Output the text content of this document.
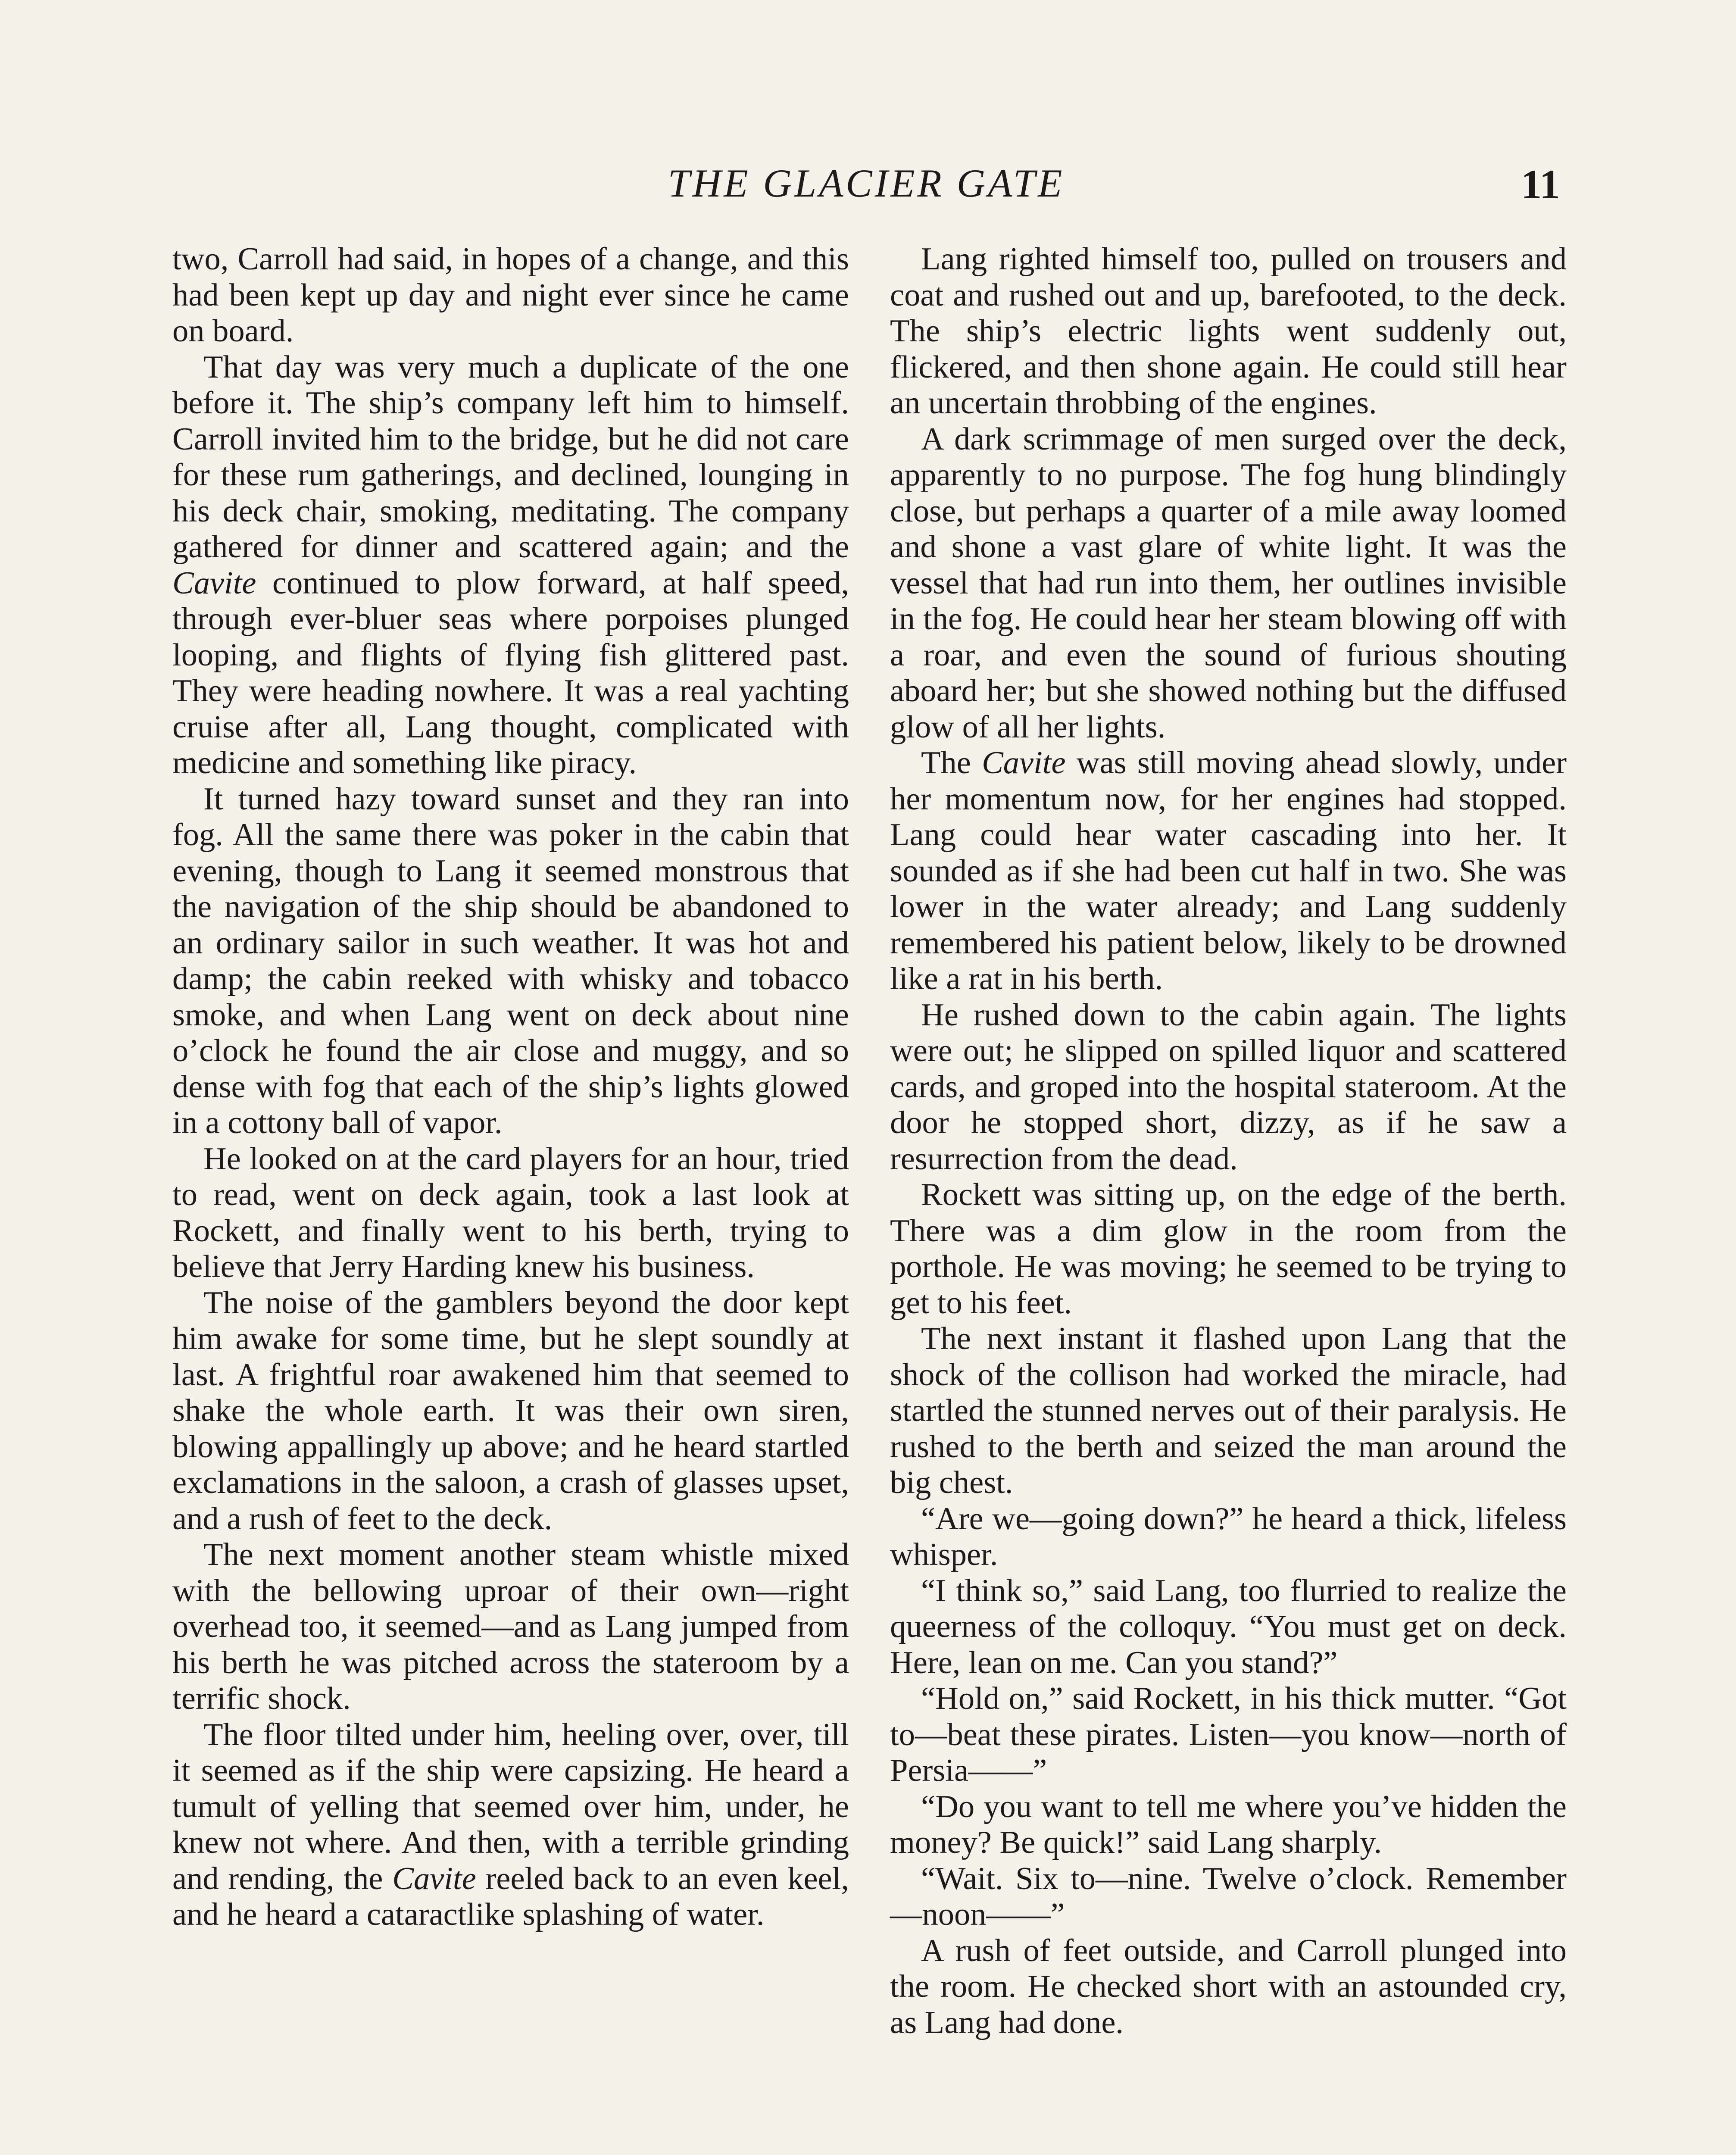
THE GLACIER GATE	11

two, Carroll had said, in hopes of a change, and this had been kept up day and night ever since he came on board.

That day was very much a duplicate of the one before it. The ship’s company left him to himself. Carroll invited him to the bridge, but he did not care for these rum gatherings, and declined, lounging in his deck chair, smoking, meditating. The company gathered for dinner and scattered again; and the Cavite continued to plow forward, at half speed, through ever-bluer seas where porpoises plunged looping, and flights of flying fish glittered past. They were heading nowhere. It was a real yachting cruise after all, Lang thought, complicated with medicine and something like piracy.

It turned hazy toward sunset and they ran into fog. All the same there was poker in the cabin that evening, though to Lang it seemed monstrous that the navigation of the ship should be abandoned to an ordinary sailor in such weather. It was hot and damp; the cabin reeked with whisky and tobacco smoke, and when Lang went on deck about nine o’clock he found the air close and muggy, and so dense with fog that each of the ship’s lights glowed in a cottony ball of vapor.

He looked on at the card players for an hour, tried to read, went on deck again, took a last look at Rockett, and finally went to his berth, trying to believe that Jerry Harding knew his business.

The noise of the gamblers beyond the door kept him awake for some time, but he slept soundly at last. A frightful roar awakened him that seemed to shake the whole earth. It was their own siren, blowing appallingly up above; and he heard startled exclamations in the saloon, a crash of glasses upset, and a rush of feet to the deck.

The next moment another steam whistle mixed with the bellowing uproar of their own—right overhead too, it seemed—and as Lang jumped from his berth he was pitched across the stateroom by a terrific shock.

The floor tilted under him, heeling over, over, till it seemed as if the ship were capsizing. He heard a tumult of yelling that seemed over him, under, he knew not where. And then, with a terrible grinding and rending, the Cavite reeled back to an even keel, and he heard a cataractlike splashing of water.

Lang righted himself too, pulled on trousers and coat and rushed out and up, barefooted, to the deck. The ship’s electric lights went suddenly out, flickered, and then shone again. He could still hear an uncertain throbbing of the engines.

A dark scrimmage of men surged over the deck, apparently to no purpose. The fog hung blindingly close, but perhaps a quarter of a mile away loomed and shone a vast glare of white light. It was the vessel that had run into them, her outlines invisible in the fog. He could hear her steam blowing off with a roar, and even the sound of furious shouting aboard her; but she showed nothing but the diffused glow of all her lights.

The Cavite was still moving ahead slowly, under her momentum now, for her engines had stopped. Lang could hear water cascading into her. It sounded as if she had been cut half in two. She was lower in the water already; and Lang suddenly remembered his patient below, likely to be drowned like a rat in his berth.

He rushed down to the cabin again. The lights were out; he slipped on spilled liquor and scattered cards, and groped into the hospital stateroom. At the door he stopped short, dizzy, as if he saw a resurrection from the dead.

Rockett was sitting up, on the edge of the berth. There was a dim glow in the room from the porthole. He was moving; he seemed to be trying to get to his feet.

The next instant it flashed upon Lang that the shock of the collison had worked the miracle, had startled the stunned nerves out of their paralysis. He rushed to the berth and seized the man around the big chest.

“Are we—going down?” he heard a thick, lifeless whisper.

“I think so,” said Lang, too flurried to realize the queerness of the colloquy. “You must get on deck. Here, lean on me. Can you stand?”

“Hold on,” said Rockett, in his thick mutter. “Got to—beat these pirates. Listen—you know—north of Persia——”

“Do you want to tell me where you’ve hidden the money? Be quick!” said Lang sharply.

“Wait. Six to—nine. Twelve o’clock. Remember—noon——”

A rush of feet outside, and Carroll plunged into the room. He checked short with an astounded cry, as Lang had done.
